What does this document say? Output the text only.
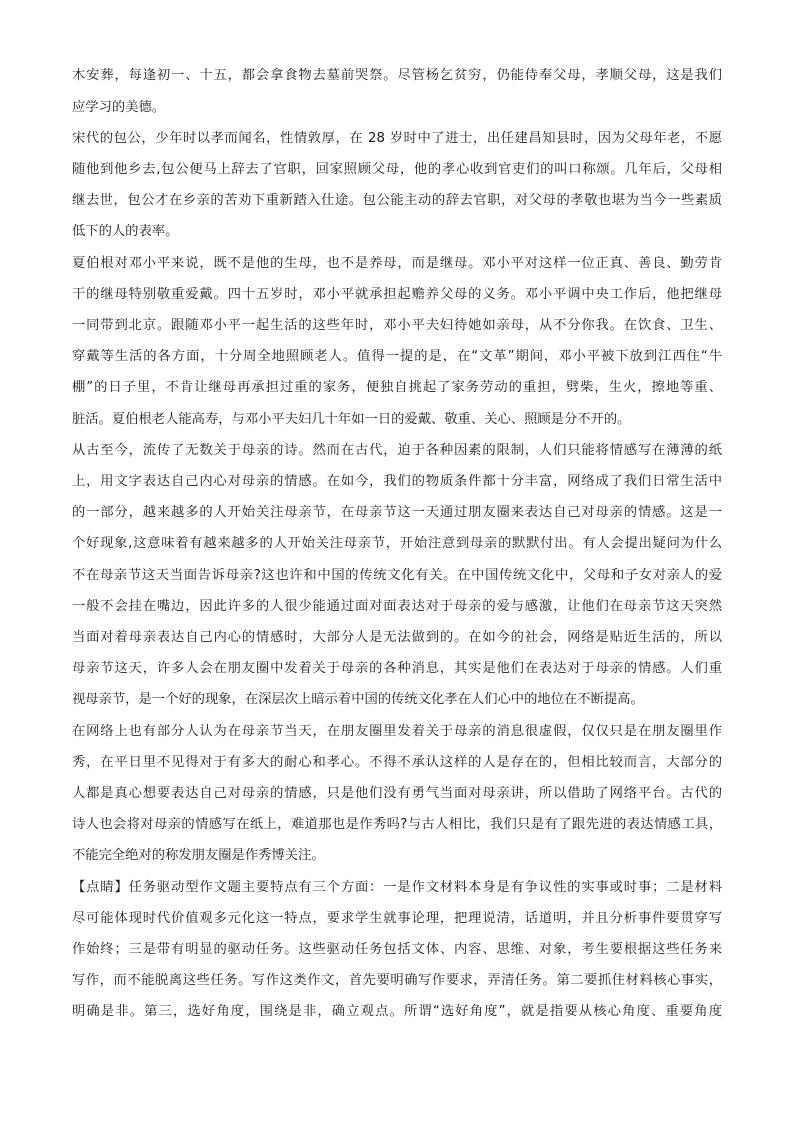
木安葬，每逢初一、十五，都会拿食物去墓前哭祭。尽管杨乞贫穷，仍能侍奉父母，孝顺父母，这是我们
应学习的美德。
宋代的包公，少年时以孝而闻名，性情敦厚，在 28 岁时中了进士，出任建昌知县时，因为父母年老，不愿
随他到他乡去,包公便马上辞去了官职，回家照顾父母，他的孝心收到官吏们的叫口称颂。几年后，父母相
继去世，包公才在乡亲的苦劝下重新踏入仕途。包公能主动的辞去官职，对父母的孝敬也堪为当今一些素质
低下的人的表率。
夏伯根对邓小平来说，既不是他的生母，也不是养母，而是继母。邓小平对这样一位正真、善良、勤劳肯
干的继母特别敬重爱戴。四十五岁时，邓小平就承担起赡养父母的义务。邓小平调中央工作后，他把继母
一同带到北京。跟随邓小平一起生活的这些年时，邓小平夫妇待她如亲母，从不分你我。在饮食、卫生、
穿戴等生活的各方面，十分周全地照顾老人。值得一提的是，在“文革”期间，邓小平被下放到江西住“牛
棚”的日子里，不肯让继母再承担过重的家务，便独自挑起了家务劳动的重担，劈柴，生火，擦地等重、
脏活。夏伯根老人能高寿，与邓小平夫妇几十年如一日的爱戴、敬重、关心、照顾是分不开的。
从古至今，流传了无数关于母亲的诗。然而在古代，迫于各种因素的限制，人们只能将情感写在薄薄的纸
上，用文字表达自己内心对母亲的情感。在如今，我们的物质条件都十分丰富，网络成了我们日常生活中
的一部分，越来越多的人开始关注母亲节，在母亲节这一天通过朋友圈来表达自己对母亲的情感。这是一
个好现象,这意味着有越来越多的人开始关注母亲节，开始注意到母亲的默默付出。有人会提出疑问为什么
不在母亲节这天当面告诉母亲?这也许和中国的传统文化有关。在中国传统文化中，父母和子女对亲人的爱
一般不会挂在嘴边，因此许多的人很少能通过面对面表达对于母亲的爱与感激，让他们在母亲节这天突然
当面对着母亲表达自己内心的情感时，大部分人是无法做到的。在如今的社会，网络是贴近生活的，所以
母亲节这天，许多人会在朋友圈中发着关于母亲的各种消息，其实是他们在表达对于母亲的情感。人们重
视母亲节，是一个好的现象，在深层次上暗示着中国的传统文化孝在人们心中的地位在不断提高。
在网络上也有部分人认为在母亲节当天，在朋友圈里发着关于母亲的消息很虚假，仅仅只是在朋友圈里作
秀，在平日里不见得对于有多大的耐心和孝心。不得不承认这样的人是存在的，但相比较而言，大部分的
人都是真心想要表达自己对母亲的情感，只是他们没有勇气当面对母亲讲，所以借助了网络平台。古代的
诗人也会将对母亲的情感写在纸上，难道那也是作秀吗?与古人相比，我们只是有了跟先进的表达情感工具，
不能完全绝对的称发朋友圈是作秀博关注。
【点睛】任务驱动型作文题主要特点有三个方面：一是作文材料本身是有争议性的实事或时事；二是材料
尽可能体现时代价值观多元化这一特点，要求学生就事论理，把理说清，话道明，并且分析事件要贯穿写
作始终；三是带有明显的驱动任务。这些驱动任务包括文体、内容、思维、对象，考生要根据这些任务来
写作，而不能脱离这些任务。写作这类作文，首先要明确写作要求，弄清任务。第二要抓住材料核心事实，
明确是非。第三，选好角度，围绕是非，确立观点。所谓“选好角度”，就是指要从核心角度、重要角度
